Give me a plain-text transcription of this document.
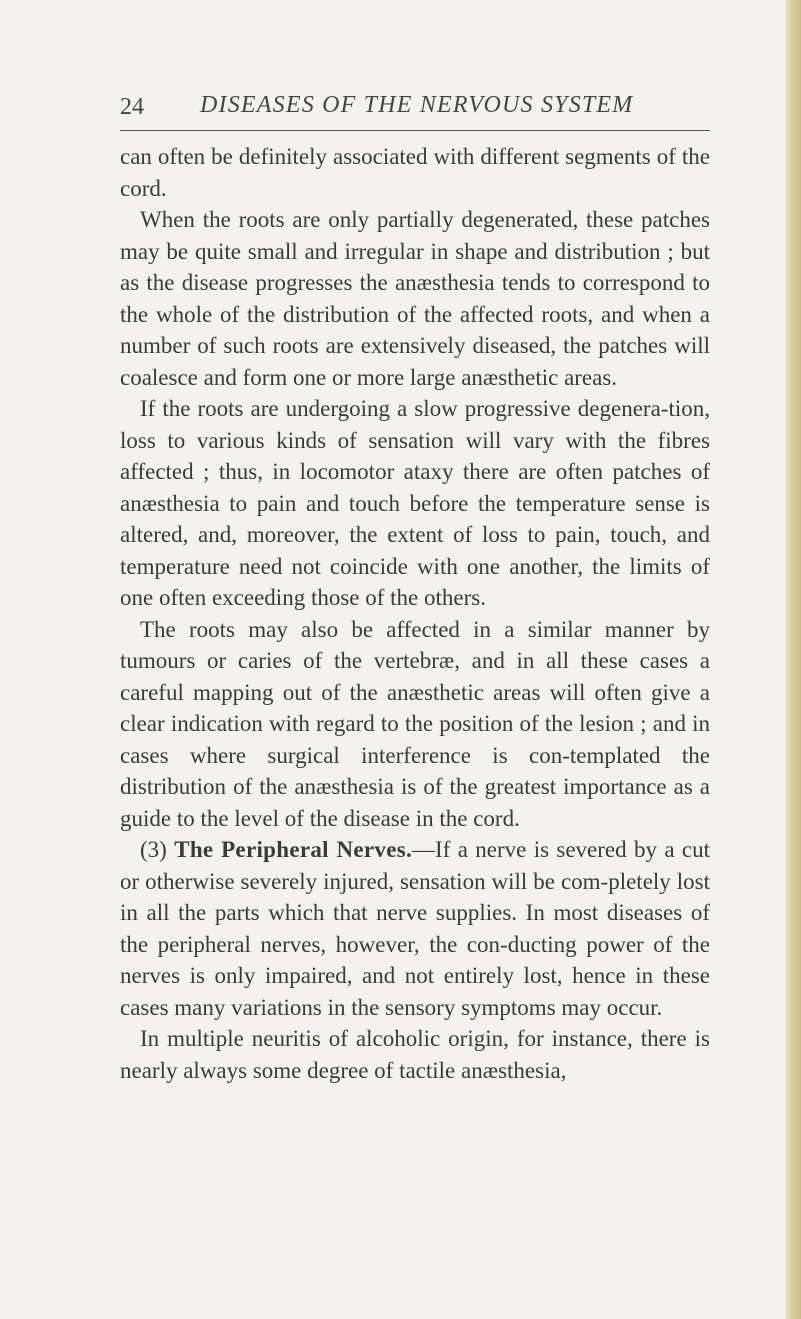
24 DISEASES OF THE NERVOUS SYSTEM

can often be definitely associated with different segments of the cord.

When the roots are only partially degenerated, these patches may be quite small and irregular in shape and distribution ; but as the disease progresses the anæsthesia tends to correspond to the whole of the distribution of the affected roots, and when a number of such roots are extensively diseased, the patches will coalesce and form one or more large anæsthetic areas.

If the roots are undergoing a slow progressive degenera-tion, loss to various kinds of sensation will vary with the fibres affected ; thus, in locomotor ataxy there are often patches of anæsthesia to pain and touch before the temperature sense is altered, and, moreover, the extent of loss to pain, touch, and temperature need not coincide with one another, the limits of one often exceeding those of the others.

The roots may also be affected in a similar manner by tumours or caries of the vertebræ, and in all these cases a careful mapping out of the anæsthetic areas will often give a clear indication with regard to the position of the lesion ; and in cases where surgical interference is con-templated the distribution of the anæsthesia is of the greatest importance as a guide to the level of the disease in the cord.

(3) The Peripheral Nerves.—If a nerve is severed by a cut or otherwise severely injured, sensation will be com-pletely lost in all the parts which that nerve supplies. In most diseases of the peripheral nerves, however, the con-ducting power of the nerves is only impaired, and not entirely lost, hence in these cases many variations in the sensory symptoms may occur.

In multiple neuritis of alcoholic origin, for instance, there is nearly always some degree of tactile anæsthesia,
